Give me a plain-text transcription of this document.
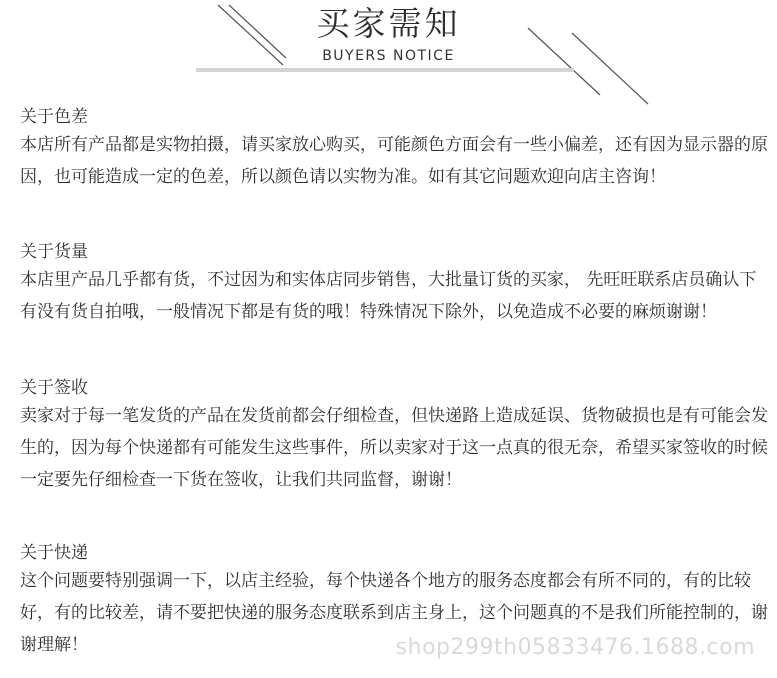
买家需知
BUYERS NOTICE

关于色差

本店所有产品都是实物拍摄，请买家放心购买，可能颜色方面会有一些小偏差，还有因为显示器的原因，也可能造成一定的色差，所以颜色请以实物为准。如有其它问题欢迎向店主咨询！

关于货量

本店里产品几乎都有货，不过因为和实体店同步销售，大批量订货的买家， 先旺旺联系店员确认下有没有货自拍哦，一般情况下都是有货的哦！特殊情况下除外，以免造成不必要的麻烦谢谢！

关于签收

卖家对于每一笔发货的产品在发货前都会仔细检查，但快递路上造成延误、货物破损也是有可能会发生的，因为每个快递都有可能发生这些事件，所以卖家对于这一点真的很无奈，希望买家签收的时候一定要先仔细检查一下货在签收，让我们共同监督，谢谢！

关于快递

这个问题要特别强调一下，以店主经验，每个快递各个地方的服务态度都会有所不同的，有的比较好，有的比较差，请不要把快递的服务态度联系到店主身上，这个问题真的不是我们所能控制的，谢谢理解！	shop299th05833476.1688.com
